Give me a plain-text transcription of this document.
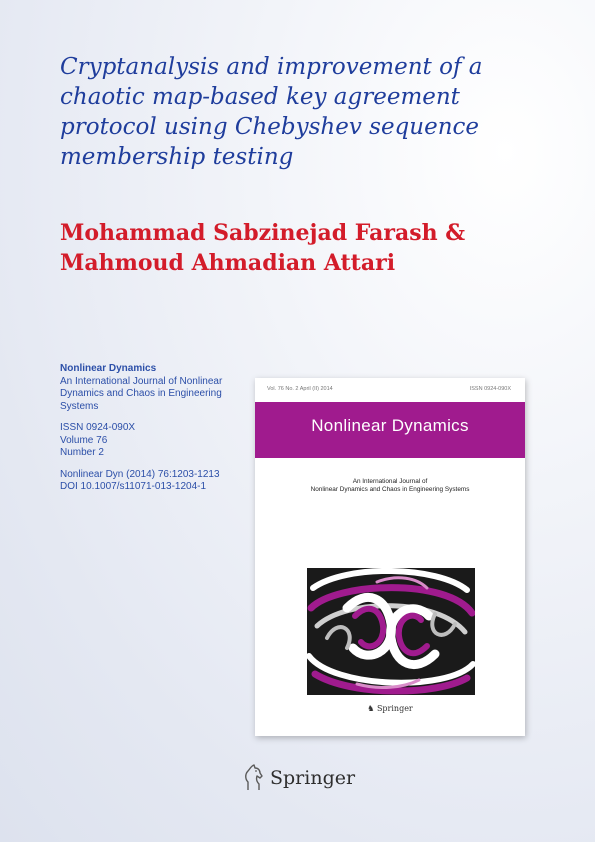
Cryptanalysis and improvement of a chaotic map-based key agreement protocol using Chebyshev sequence membership testing
Mohammad Sabzinejad Farash &
Mahmoud Ahmadian Attari
Nonlinear Dynamics
An International Journal of Nonlinear Dynamics and Chaos in Engineering Systems
ISSN 0924-090X
Volume 76
Number 2
Nonlinear Dyn (2014) 76:1203-1213
DOI 10.1007/s11071-013-1204-1
Vol. 76 No. 2 April (II) 2014	ISSN 0924-090X
Nonlinear Dynamics
An International Journal of
Nonlinear Dynamics and Chaos in Engineering Systems
♞ Springer
Springer
